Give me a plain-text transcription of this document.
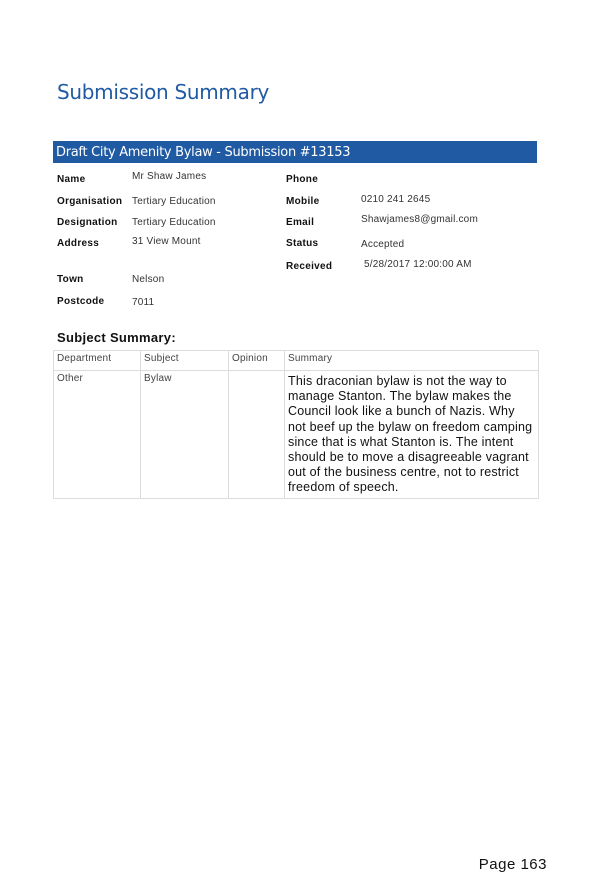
Submission Summary
Draft City Amenity Bylaw - Submission #13153
Name	Mr Shaw James
Organisation Tertiary Education
Designation Tertiary Education
Address	31 View Mount
Town	Nelson
Postcode	7011
Phone
Mobile	0210 241 2645
Email	Shawjames8@gmail.com
Status	Accepted
Received	5/28/2017 12:00:00 AM
Subject Summary:
Department	Subject	Opinion	Summary
Other	Bylaw		This draconian bylaw is not the way to manage Stanton. The bylaw makes the Council look like a bunch of Nazis. Why not beef up the bylaw on freedom camping since that is what Stanton is. The intent should be to move a disagreeable vagrant out of the business centre, not to restrict freedom of speech.
Page 163
